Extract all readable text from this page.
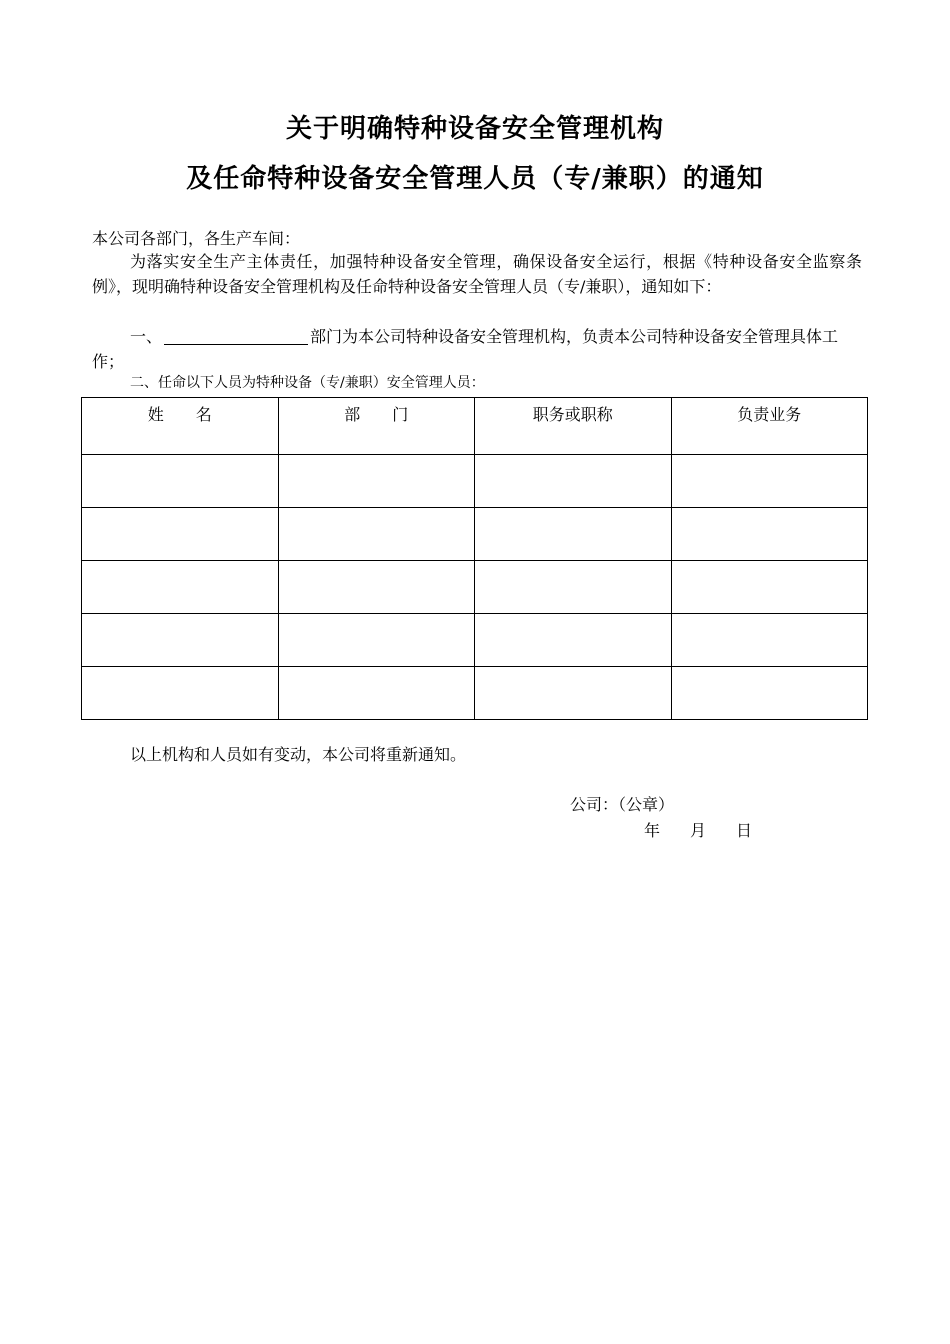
关于明确特种设备安全管理机构
及任命特种设备安全管理人员（专/兼职）的通知
本公司各部门，各生产车间：
为落实安全生产主体责任，加强特种设备安全管理，确保设备安全运行，根据《特种设备安全监察条例》，现明确特种设备安全管理机构及任命特种设备安全管理人员（专/兼职），通知如下：
一、	部门为本公司特种设备安全管理机构，负责本公司特种设备安全管理具体工作；
二、任命以下人员为特种设备（专/兼职）安全管理人员：
姓　　名	部　　门	职务或职称	负责业务

以上机构和人员如有变动，本公司将重新通知。
公司：（公章）
年 月 日
